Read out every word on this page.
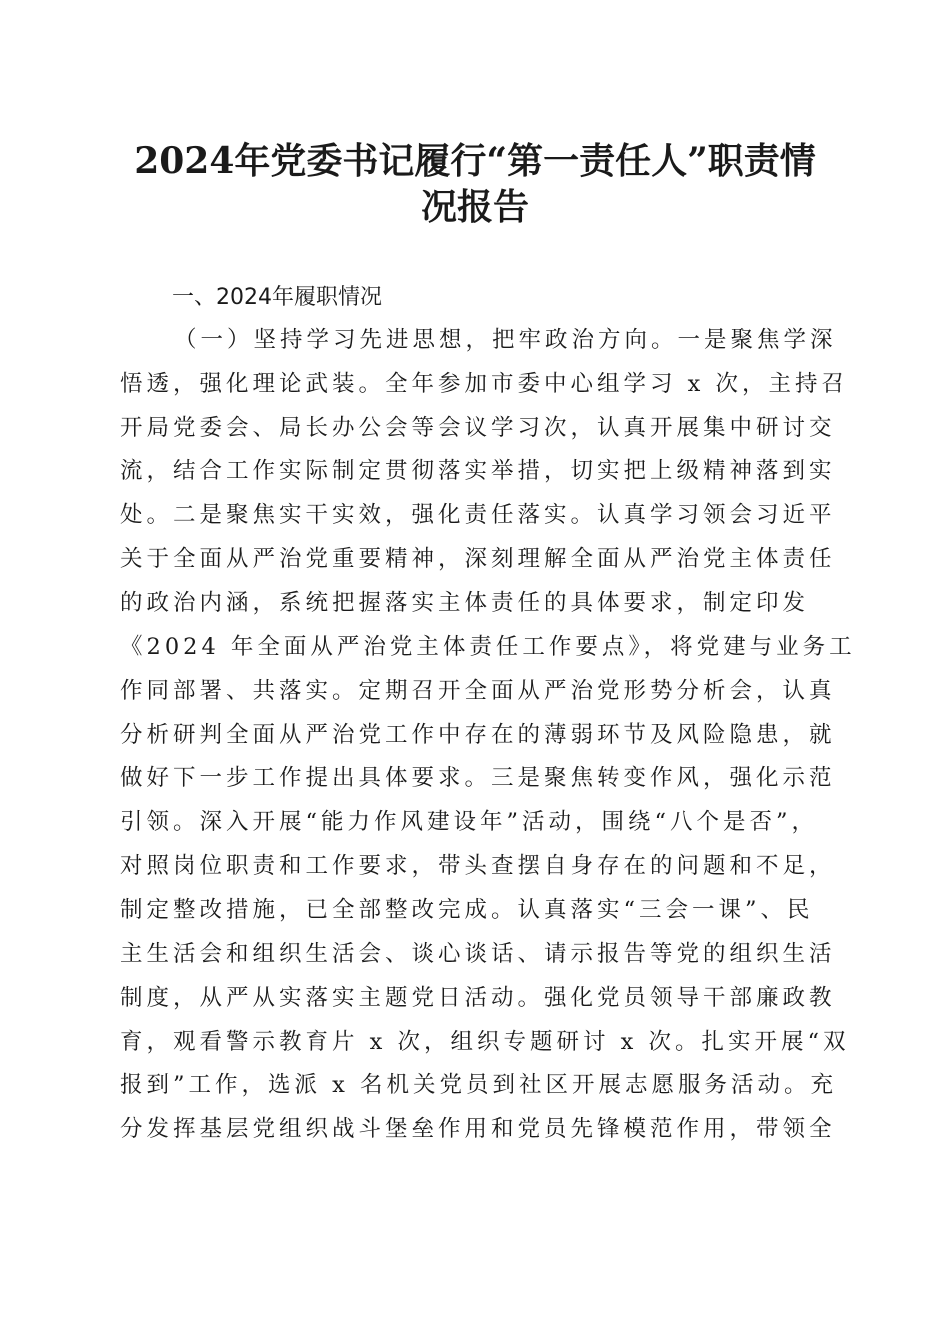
2024年党委书记履行“第一责任人”职责情
况报告
一、2024年履职情况
（一）坚持学习先进思想，把牢政治方向。一是聚焦学深
悟透，强化理论武装。全年参加市委中心组学习 x 次，主持召
开局党委会、局长办公会等会议学习次，认真开展集中研讨交
流，结合工作实际制定贯彻落实举措，切实把上级精神落到实
处。二是聚焦实干实效，强化责任落实。认真学习领会习近平
关于全面从严治党重要精神，深刻理解全面从严治党主体责任
的政治内涵，系统把握落实主体责任的具体要求，制定印发
《2024 年全面从严治党主体责任工作要点》，将党建与业务工
作同部署、共落实。定期召开全面从严治党形势分析会，认真
分析研判全面从严治党工作中存在的薄弱环节及风险隐患，就
做好下一步工作提出具体要求。三是聚焦转变作风，强化示范
引领。深入开展“能力作风建设年”活动，围绕“八个是否”，
对照岗位职责和工作要求，带头查摆自身存在的问题和不足，
制定整改措施，已全部整改完成。认真落实“三会一课”、民
主生活会和组织生活会、谈心谈话、请示报告等党的组织生活
制度，从严从实落实主题党日活动。强化党员领导干部廉政教
育，观看警示教育片 x 次，组织专题研讨 x 次。扎实开展“双
报到”工作，选派 x 名机关党员到社区开展志愿服务活动。充
分发挥基层党组织战斗堡垒作用和党员先锋模范作用，带领全
